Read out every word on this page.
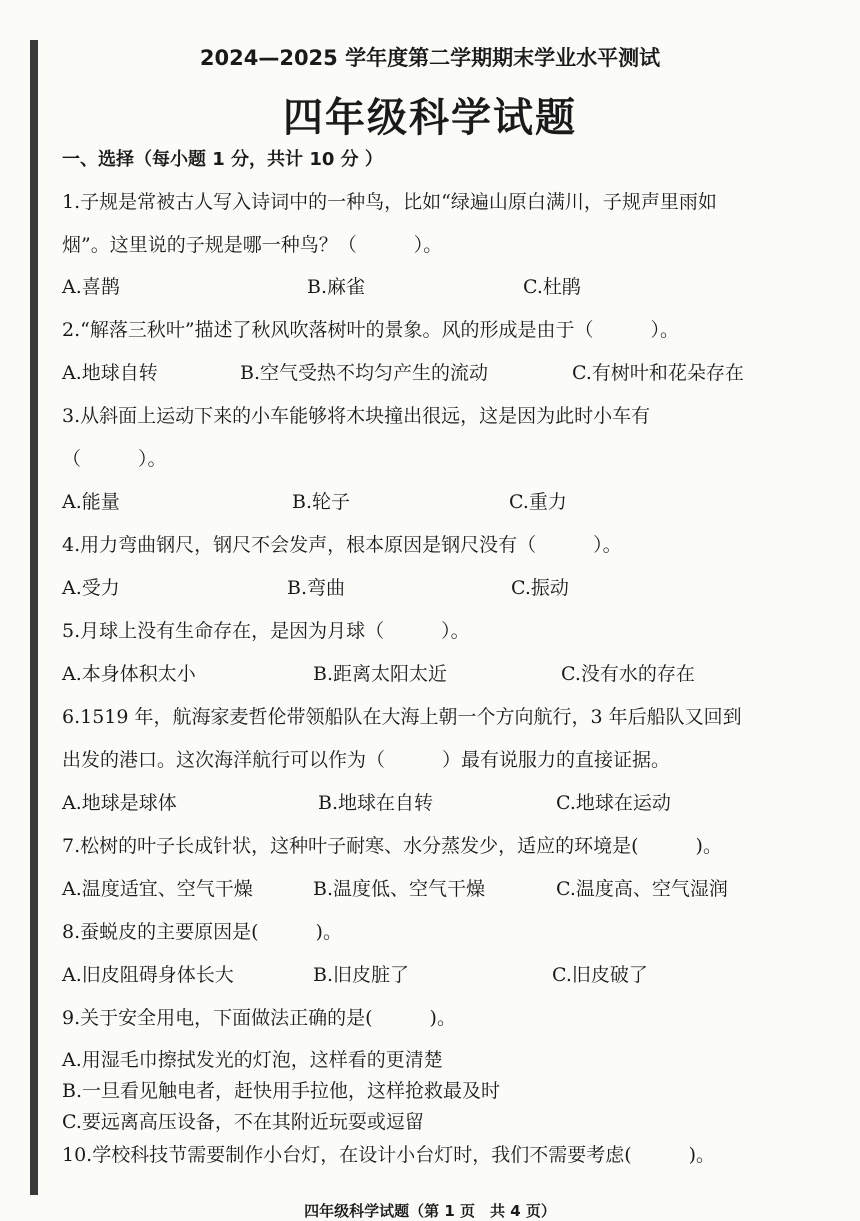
2024—2025 学年度第二学期期末学业水平测试
四年级科学试题
一、选择（每小题 1 分，共计 10 分 ）
1.子规是常被古人写入诗词中的一种鸟，比如“绿遍山原白满川，子规声里雨如
烟”。这里说的子规是哪一种鸟？（　　　）。
A.喜鹊	B.麻雀	C.杜鹃
2.“解落三秋叶”描述了秋风吹落树叶的景象。风的形成是由于（　　　）。
A.地球自转	B.空气受热不均匀产生的流动	C.有树叶和花朵存在
3.从斜面上运动下来的小车能够将木块撞出很远，这是因为此时小车有
（　　　）。
A.能量	B.轮子	C.重力
4.用力弯曲钢尺，钢尺不会发声，根本原因是钢尺没有（　　　）。
A.受力	B.弯曲	C.振动
5.月球上没有生命存在，是因为月球（　　　）。
A.本身体积太小	B.距离太阳太近	C.没有水的存在
6.1519 年，航海家麦哲伦带领船队在大海上朝一个方向航行，3 年后船队又回到
出发的港口。这次海洋航行可以作为（　　　）最有说服力的直接证据。
A.地球是球体	B.地球在自转	C.地球在运动
7.松树的叶子长成针状，这种叶子耐寒、水分蒸发少，适应的环境是(　　　)。
A.温度适宜、空气干燥	B.温度低、空气干燥	C.温度高、空气湿润
8.蚕蜕皮的主要原因是(　　　)。
A.旧皮阻碍身体长大	B.旧皮脏了	C.旧皮破了
9.关于安全用电，下面做法正确的是(　　　)。
A.用湿毛巾擦拭发光的灯泡，这样看的更清楚
B.一旦看见触电者，赶快用手拉他，这样抢救最及时
C.要远离高压设备，不在其附近玩耍或逗留
10.学校科技节需要制作小台灯，在设计小台灯时，我们不需要考虑(　　　)。
四年级科学试题（第 1 页　共 4 页）
